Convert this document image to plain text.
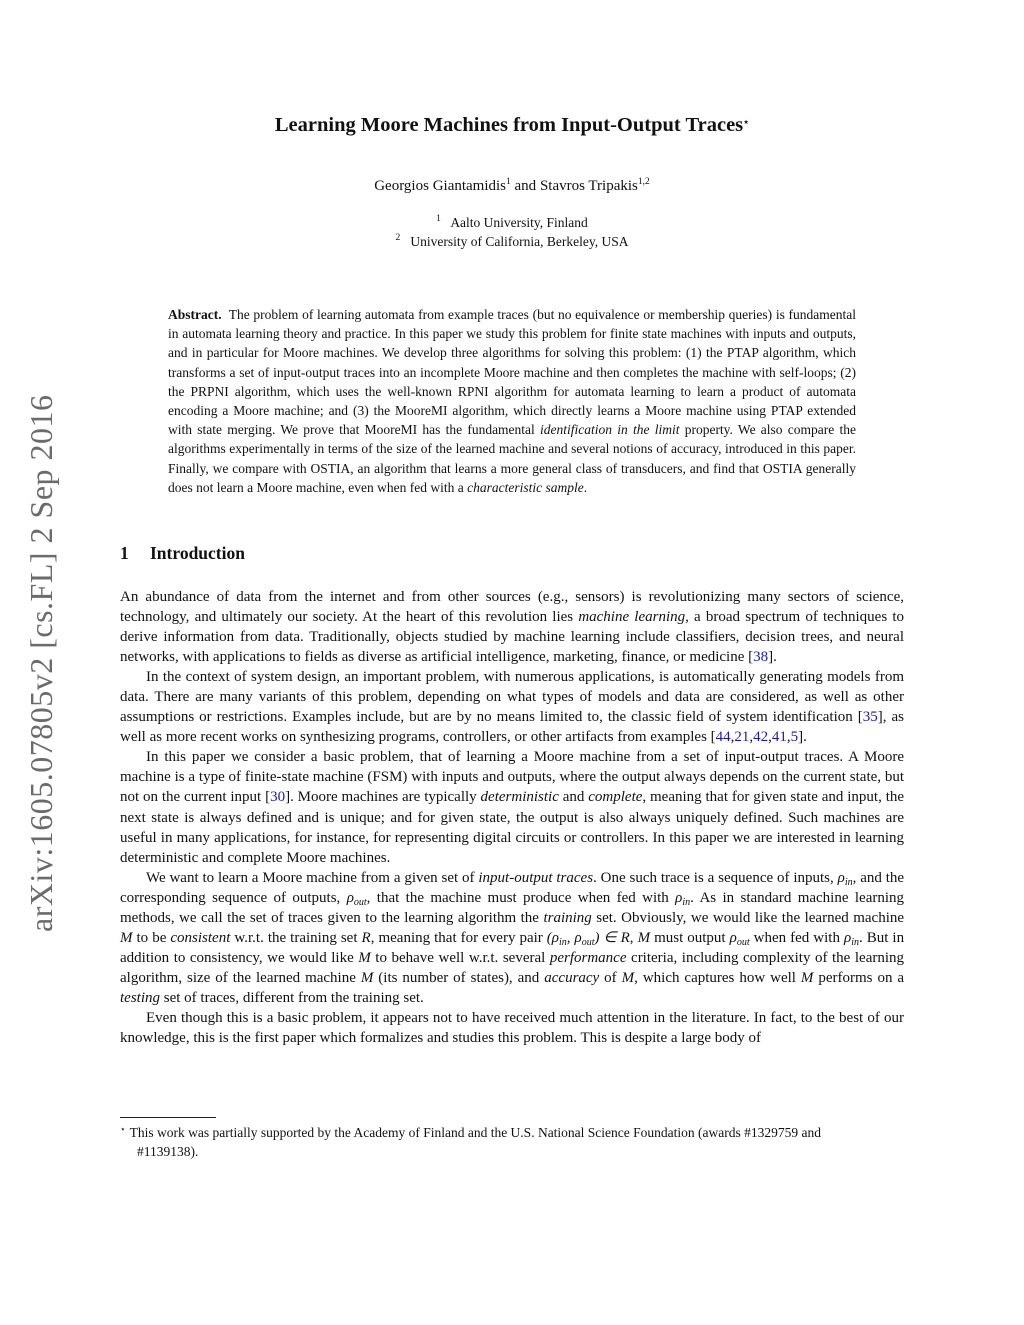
arXiv:1605.07805v2 [cs.FL] 2 Sep 2016
Learning Moore Machines from Input-Output Traces⋆
Georgios Giantamidis$^1$ and Stavros Tripakis$^{1,2}$
$^1$ Aalto University, Finland
$^2$ University of California, Berkeley, USA
Abstract. The problem of learning automata from example traces (but no equivalence or membership queries) is fundamental in automata learning theory and practice. In this paper we study this problem for finite state machines with inputs and outputs, and in particular for Moore machines. We develop three algorithms for solving this problem: (1) the PTAP algorithm, which transforms a set of input-output traces into an incomplete Moore machine and then completes the machine with self-loops; (2) the PRPNI algorithm, which uses the well-known RPNI algorithm for automata learning to learn a product of automata encoding a Moore machine; and (3) the MooreMI algorithm, which directly learns a Moore machine using PTAP extended with state merging. We prove that MooreMI has the fundamental identification in the limit property. We also compare the algorithms experimentally in terms of the size of the learned machine and several notions of accuracy, introduced in this paper. Finally, we compare with OSTIA, an algorithm that learns a more general class of transducers, and find that OSTIA generally does not learn a Moore machine, even when fed with a characteristic sample.
1 Introduction

An abundance of data from the internet and from other sources (e.g., sensors) is revolutionizing many sectors of science, technology, and ultimately our society. At the heart of this revolution lies machine learning, a broad spectrum of techniques to derive information from data. Traditionally, objects studied by machine learning include classifiers, decision trees, and neural networks, with applications to fields as diverse as artificial intelligence, marketing, finance, or medicine [38].

In the context of system design, an important problem, with numerous applications, is automatically generating models from data. There are many variants of this problem, depending on what types of models and data are considered, as well as other assumptions or restrictions. Examples include, but are by no means limited to, the classic field of system identification [35], as well as more recent works on synthesizing programs, controllers, or other artifacts from examples [44,21,42,41,5].

In this paper we consider a basic problem, that of learning a Moore machine from a set of input-output traces. A Moore machine is a type of finite-state machine (FSM) with inputs and outputs, where the output always depends on the current state, but not on the current input [30]. Moore machines are typically deterministic and complete, meaning that for given state and input, the next state is always defined and is unique; and for given state, the output is also always uniquely defined. Such machines are useful in many applications, for instance, for representing digital circuits or controllers. In this paper we are interested in learning deterministic and complete Moore machines.

We want to learn a Moore machine from a given set of input-output traces. One such trace is a sequence of inputs, $\rho_{in}$, and the corresponding sequence of outputs, $\rho_{out}$, that the machine must produce when fed with $\rho_{in}$. As in standard machine learning methods, we call the set of traces given to the learning algorithm the training set. Obviously, we would like the learned machine M to be consistent w.r.t. the training set R, meaning that for every pair ($\rho_{in}$, $\rho_{out}$) ∈ R, M must output $\rho_{out}$ when fed with $\rho_{in}$. But in addition to consistency, we would like M to behave well w.r.t. several performance criteria, including complexity of the learning algorithm, size of the learned machine M (its number of states), and accuracy of M, which captures how well M performs on a testing set of traces, different from the training set.

Even though this is a basic problem, it appears not to have received much attention in the literature. In fact, to the best of our knowledge, this is the first paper which formalizes and studies this problem. This is despite a large body of

⋆ This work was partially supported by the Academy of Finland and the U.S. National Science Foundation (awards #1329759 and
#1139138).
